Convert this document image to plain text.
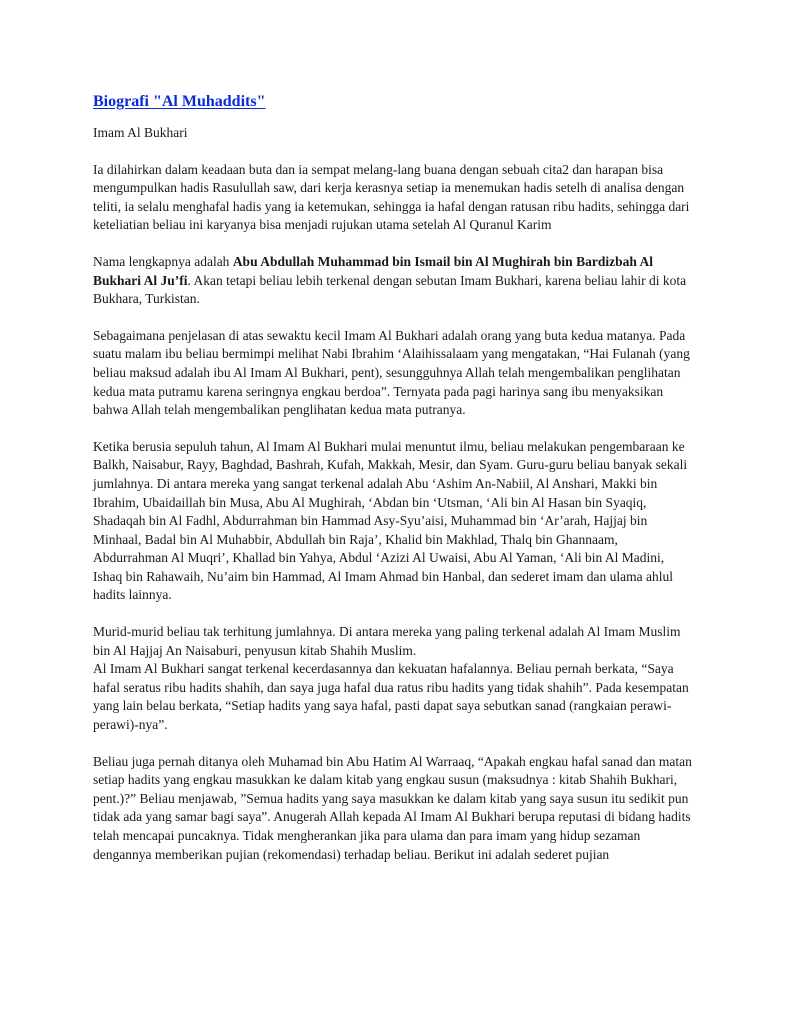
Biografi "Al Muhaddits"
Imam Al Bukhari

Ia dilahirkan dalam keadaan buta dan ia sempat melang-lang buana dengan sebuah cita2 dan harapan bisa mengumpulkan hadis Rasulullah saw, dari kerja kerasnya setiap ia menemukan hadis setelh di analisa dengan teliti, ia selalu menghafal hadis yang ia ketemukan, sehingga ia hafal dengan ratusan ribu hadits, sehingga dari keteliatian beliau ini karyanya bisa menjadi rujukan utama setelah Al Quranul Karim

Nama lengkapnya adalah Abu Abdullah Muhammad bin Ismail bin Al Mughirah bin Bardizbah Al Bukhari Al Ju’fi. Akan tetapi beliau lebih terkenal dengan sebutan Imam Bukhari, karena beliau lahir di kota Bukhara, Turkistan.

Sebagaimana penjelasan di atas sewaktu kecil Imam Al Bukhari adalah orang yang buta kedua matanya. Pada suatu malam ibu beliau bermimpi melihat Nabi Ibrahim ‘Alaihissalaam yang mengatakan, “Hai Fulanah (yang beliau maksud adalah ibu Al Imam Al Bukhari, pent), sesungguhnya Allah telah mengembalikan penglihatan kedua mata putramu karena seringnya engkau berdoa”. Ternyata pada pagi harinya sang ibu menyaksikan bahwa Allah telah mengembalikan penglihatan kedua mata putranya.

Ketika berusia sepuluh tahun, Al Imam Al Bukhari mulai menuntut ilmu, beliau melakukan pengembaraan ke Balkh, Naisabur, Rayy, Baghdad, Bashrah, Kufah, Makkah, Mesir, dan Syam. Guru-guru beliau banyak sekali jumlahnya. Di antara mereka yang sangat terkenal adalah Abu ‘Ashim An-Nabiil, Al Anshari, Makki bin Ibrahim, Ubaidaillah bin Musa, Abu Al Mughirah, ‘Abdan bin ‘Utsman, ‘Ali bin Al Hasan bin Syaqiq, Shadaqah bin Al Fadhl, Abdurrahman bin Hammad Asy-Syu’aisi, Muhammad bin ‘Ar’arah, Hajjaj bin Minhaal, Badal bin Al Muhabbir, Abdullah bin Raja’, Khalid bin Makhlad, Thalq bin Ghannaam, Abdurrahman Al Muqri’, Khallad bin Yahya, Abdul ‘Azizi Al Uwaisi, Abu Al Yaman, ‘Ali bin Al Madini, Ishaq bin Rahawaih, Nu’aim bin Hammad, Al Imam Ahmad bin Hanbal, dan sederet imam dan ulama ahlul hadits lainnya.

Murid-murid beliau tak terhitung jumlahnya. Di antara mereka yang paling terkenal adalah Al Imam Muslim bin Al Hajjaj An Naisaburi, penyusun kitab Shahih Muslim.

Al Imam Al Bukhari sangat terkenal kecerdasannya dan kekuatan hafalannya. Beliau pernah berkata, “Saya hafal seratus ribu hadits shahih, dan saya juga hafal dua ratus ribu hadits yang tidak shahih”. Pada kesempatan yang lain belau berkata, “Setiap hadits yang saya hafal, pasti dapat saya sebutkan sanad (rangkaian perawi-perawi)-nya”.

Beliau juga pernah ditanya oleh Muhamad bin Abu Hatim Al Warraaq, “Apakah engkau hafal sanad dan matan setiap hadits yang engkau masukkan ke dalam kitab yang engkau susun (maksudnya : kitab Shahih Bukhari, pent.)?” Beliau menjawab, ”Semua hadits yang saya masukkan ke dalam kitab yang saya susun itu sedikit pun tidak ada yang samar bagi saya”. Anugerah Allah kepada Al Imam Al Bukhari berupa reputasi di bidang hadits telah mencapai puncaknya. Tidak mengherankan jika para ulama dan para imam yang hidup sezaman dengannya memberikan pujian (rekomendasi) terhadap beliau. Berikut ini adalah sederet pujian
